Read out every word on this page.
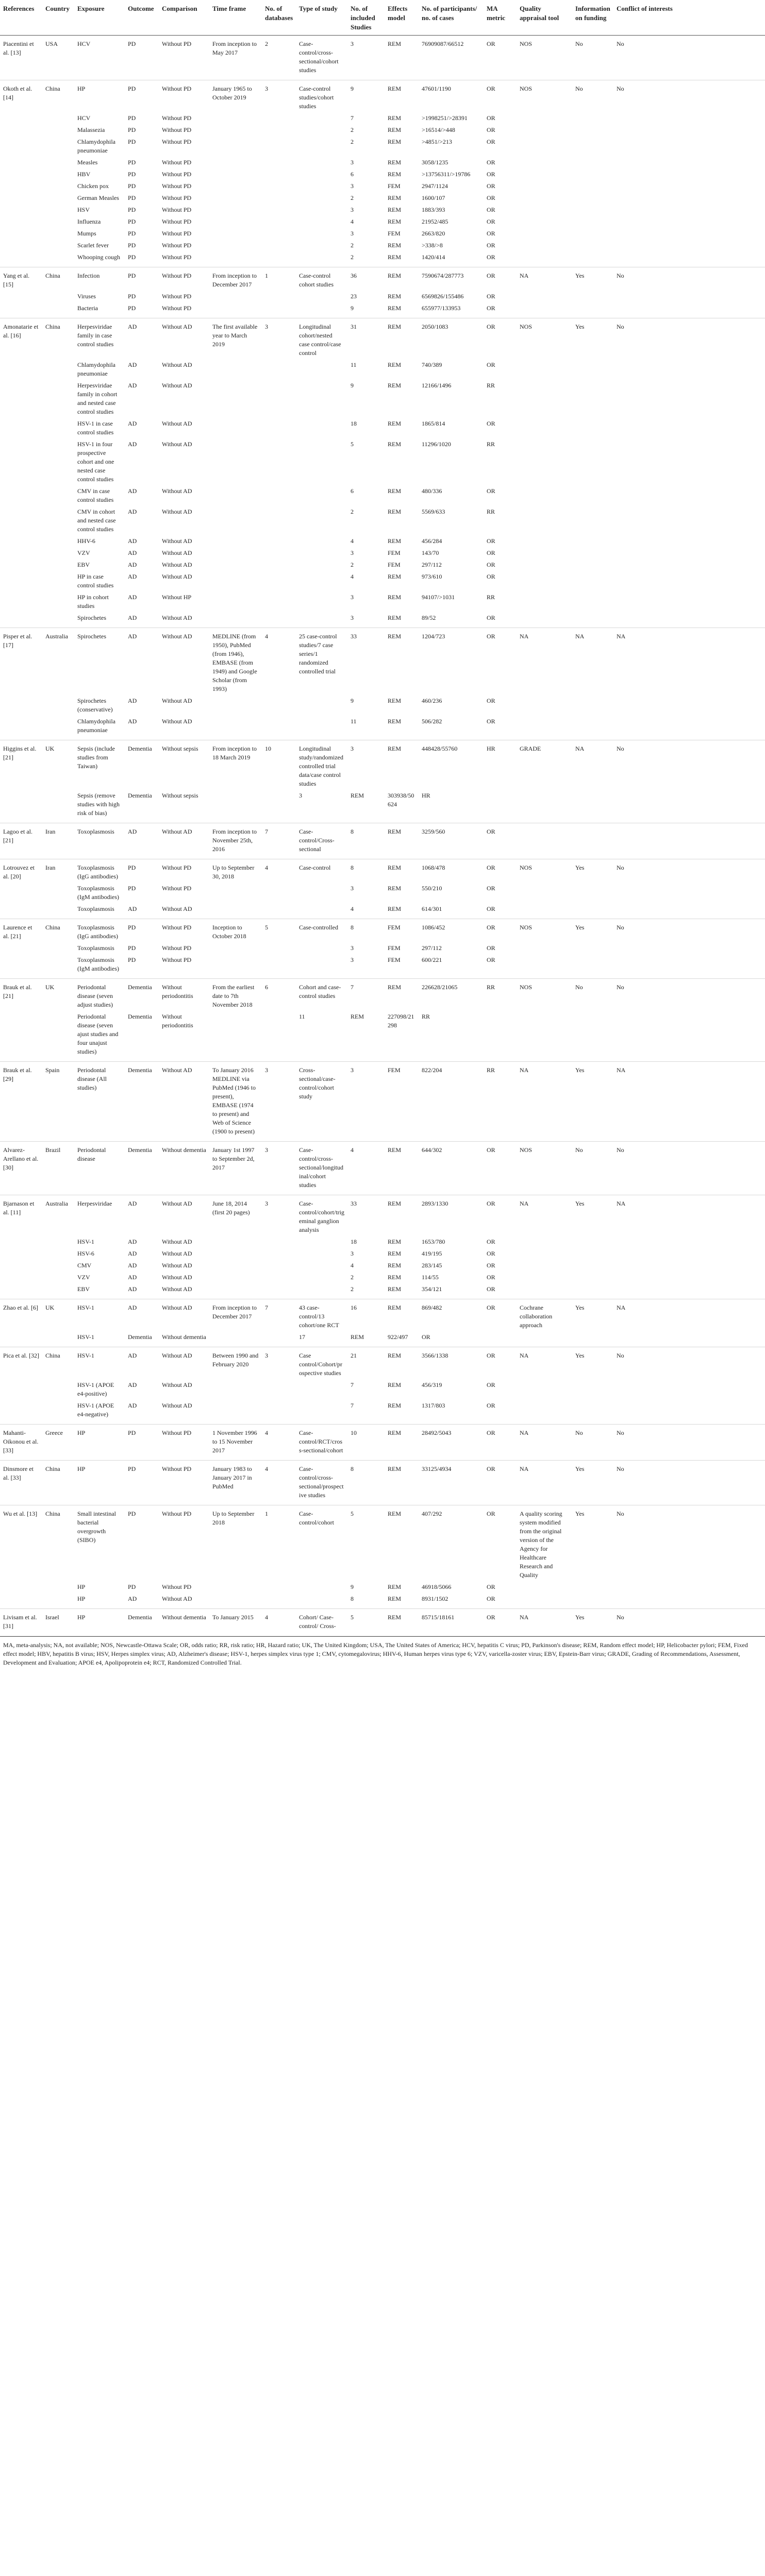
References	Country	Exposure	Outcome	Comparison	Time frame	No. of databases	Type of study	No. of included Studies	Effects model	No. of participants/ no. of cases	MA metric	Quality appraisal tool	Information on funding	Conflict of interests
Piacentini et al. [13]	USA	HCV	PD	Without PD	From inception to May 2017	2	Case-control/cross-sectional/cohort studies	3	REM	76909087/66512	OR	NOS	No	No
Okoth et al. [14]	China	HP	PD	Without PD	January 1965 to October 2019	3	Case-control studies/cohort studies	9	REM	47601/1190	OR	NOS	No	No
		HCV	PD	Without PD				7	REM	>1998251/>28391	OR			
		Malassezia	PD	Without PD				2	REM	>16514/>448	OR			
		Chlamydophila pneumoniae	PD	Without PD				2	REM	>4851/>213	OR			
		Measles	PD	Without PD				3	REM	3058/1235	OR			
		HBV	PD	Without PD				6	REM	>13756311/>19786	OR			
		Chicken pox	PD	Without PD				3	FEM	2947/1124	OR			
		German Measles	PD	Without PD				2	REM	1600/107	OR			
		HSV	PD	Without PD				3	REM	1883/393	OR			
		Influenza	PD	Without PD				4	REM	21952/485	OR			
		Mumps	PD	Without PD				3	FEM	2663/820	OR			
		Scarlet fever	PD	Without PD				2	REM	>338/>8	OR			
		Whooping cough	PD	Without PD				2	REM	1420/414	OR			
Yang et al. [15]	China	Infection	PD	Without PD	From inception to December 2017	1	Case-control cohort studies	36	REM	7590674/287773	OR	NA	Yes	No
		Viruses	PD	Without PD				23	REM	6569826/155486	OR			
		Bacteria	PD	Without PD				9	REM	655977/133953	OR			
Amonatarie et al. [16]	China	Herpesviridae family in case control studies	AD	Without AD	The first available year to March 2019	3	Longitudinal cohort/nested case control/case control	31	REM	2050/1083	OR	NOS	Yes	No
		Chlamydophila pneumoniae	AD	Without AD				11	REM	740/389	OR			
		Herpesviridae family in cohort and nested case control studies	AD	Without AD				9	REM	12166/1496	RR			
		HSV-1 in case control studies	AD	Without AD				18	REM	1865/814	OR			
		HSV-1 in four prospective cohort and one nested case control studies	AD	Without AD				5	REM	11296/1020	RR			
		CMV in case control studies	AD	Without AD				6	REM	480/336	OR			
		CMV in cohort and nested case control studies	AD	Without AD				2	REM	5569/633	RR			
		HHV-6	AD	Without AD				4	REM	456/284	OR			
		VZV	AD	Without AD				3	FEM	143/70	OR			
		EBV	AD	Without AD				2	FEM	297/112	OR			
		HP in case control studies	AD	Without AD				4	REM	973/610	OR			
		HP in cohort studies	AD	Without HP				3	REM	94107/>1031	RR			
		Spirochetes	AD	Without AD				3	REM	89/52	OR			
Pisper et al. [17]	Australia	Spirochetes	AD	Without AD	MEDLINE (from 1950), PubMed (from 1946), EMBASE (from 1949) and Google Scholar (from 1993)	4	25 case-control studies/7 case series/1 randomized controlled trial	33	REM	1204/723	OR	NA	NA	NA
		Spirochetes (conservative)	AD	Without AD				9	REM	460/236	OR			
		Chlamydophila pneumoniae	AD	Without AD				11	REM	506/282	OR			
Higgins et al. [21]	UK	Sepsis (include studies from Taiwan)	Dementia	Without sepsis	From inception to 18 March 2019	10	Longitudinal study/randomized controlled trial data/case control studies	3	REM	448428/55760	HR	GRADE	NA	No
		Sepsis (remove studies with high risk of bias)	Dementia	Without sepsis			3	REM	303938/50624	HR				
Lagoo et al. [21]	Iran	Toxoplasmosis	AD	Without AD	From inception to November 25th, 2016	7	Case-control/Cross-sectional	8	REM	3259/560	OR			
Lotrouvez et al. [20]	Iran	Toxoplasmosis (IgG antibodies)	PD	Without PD	Up to September 30, 2018	4	Case-control	8	REM	1068/478	OR	NOS	Yes	No
		Toxoplasmosis (IgM antibodies)	PD	Without PD				3	REM	550/210	OR			
		Toxoplasmosis	AD	Without AD				4	REM	614/301	OR			
Laurence et al. [21]	China	Toxoplasmosis (IgG antibodies)	PD	Without PD	Inception to October 2018	5	Case-controlled	8	FEM	1086/452	OR	NOS	Yes	No
		Toxoplasmosis	PD	Without PD				3	FEM	297/112	OR			
		Toxoplasmosis (IgM antibodies)	PD	Without PD				3	FEM	600/221	OR			
Brauk et al. [21]	UK	Periodontal disease (seven adjust studies)	Dementia	Without periodontitis	From the earliest date to 7th November 2018	6	Cohort and case-control studies	7	REM	226628/21065	RR	NOS	No	No
		Periodontal disease (seven ajust studies and four unajust studies)	Dementia	Without periodontitis			11	REM	227098/21298	RR				
Brauk et al. [29]	Spain	Periodontal disease (All studies)	Dementia	Without AD	To January 2016 MEDLINE via PubMed (1946 to present), EMBASE (1974 to present) and Web of Science (1900 to present)	3	Cross-sectional/case-control/cohort study	3	FEM	822/204	RR	NA	Yes	NA
Alvarez-Arellano et al. [30]	Brazil	Periodontal disease	Dementia	Without dementia	January 1st 1997 to September 2d, 2017	3	Case-control/cross-sectional/longitudinal/cohort studies	4	REM	644/302	OR	NOS	No	No
Bjarnason et al. [11]	Australia	Herpesviridae	AD	Without AD	June 18, 2014 (first 20 pages)	3	Case-control/cohort/trigeminal ganglion analysis	33	REM	2893/1330	OR	NA	Yes	NA
		HSV-1	AD	Without AD				18	REM	1653/780	OR			
		HSV-6	AD	Without AD				3	REM	419/195	OR			
		CMV	AD	Without AD				4	REM	283/145	OR			
		VZV	AD	Without AD				2	REM	114/55	OR			
		EBV	AD	Without AD				2	REM	354/121	OR			
Zhao et al. [6]	UK	HSV-1	AD	Without AD	From inception to December 2017	7	43 case-control/13 cohort/one RCT	16	REM	869/482	OR	Cochrane collaboration approach	Yes	NA
		HSV-1	Dementia	Without dementia			17	REM	922/497	OR				
Pica et al. [32]	China	HSV-1	AD	Without AD	Between 1990 and February 2020	3	Case control/Cohort/prospective studies	21	REM	3566/1338	OR	NA	Yes	No
		HSV-1 (APOE e4-positive)	AD	Without AD				7	REM	456/319	OR			
		HSV-1 (APOE e4-negative)	AD	Without AD				7	REM	1317/803	OR			
Mahanti-Oikonou et al. [33]	Greece	HP	PD	Without PD	1 November 1996 to 15 November 2017	4	Case-control/RCT/cross-sectional/cohort	10	REM	28492/5043	OR	NA	No	No
Dinsmore et al. [33]	China	HP	PD	Without PD	January 1983 to January 2017 in PubMed	4	Case-control/cross-sectional/prospective studies	8	REM	33125/4934	OR	NA	Yes	No
Wu et al. [13]	China	Small intestinal bacterial overgrowth (SIBO)	PD	Without PD	Up to September 2018	1	Case-control/cohort	5	REM	407/292	OR	A quality scoring system modified from the original version of the Agency for Healthcare Research and Quality	Yes	No
		HP	PD	Without PD				9	REM	46918/5066	OR			
		HP	AD	Without AD				8	REM	8931/1502	OR			
Livisam et al. [31]	Israel	HP	Dementia	Without dementia	To January 2015	4	Cohort/ Case-control/ Cross-	5	REM	85715/18161	OR	NA	Yes	No
MA, meta-analysis; NA, not available; NOS, Newcastle-Ottawa Scale; OR, odds ratio; RR, risk ratio; HR, Hazard ratio; UK, The United Kingdom; USA, The United States of America; HCV, hepatitis C virus; PD, Parkinson's disease; REM, Random effect model; HP, Helicobacter pylori; FEM, Fixed effect model; HBV, hepatitis B virus; HSV, Herpes simplex virus; AD, Alzheimer's disease; HSV-1, herpes simplex virus type 1; CMV, cytomegalovirus; HHV-6, Human herpes virus type 6; VZV, varicella-zoster virus; EBV, Epstein-Barr virus; GRADE, Grading of Recommendations, Assessment, Development and Evaluation; APOE e4, Apolipoprotein e4; RCT, Randomized Controlled Trial.
